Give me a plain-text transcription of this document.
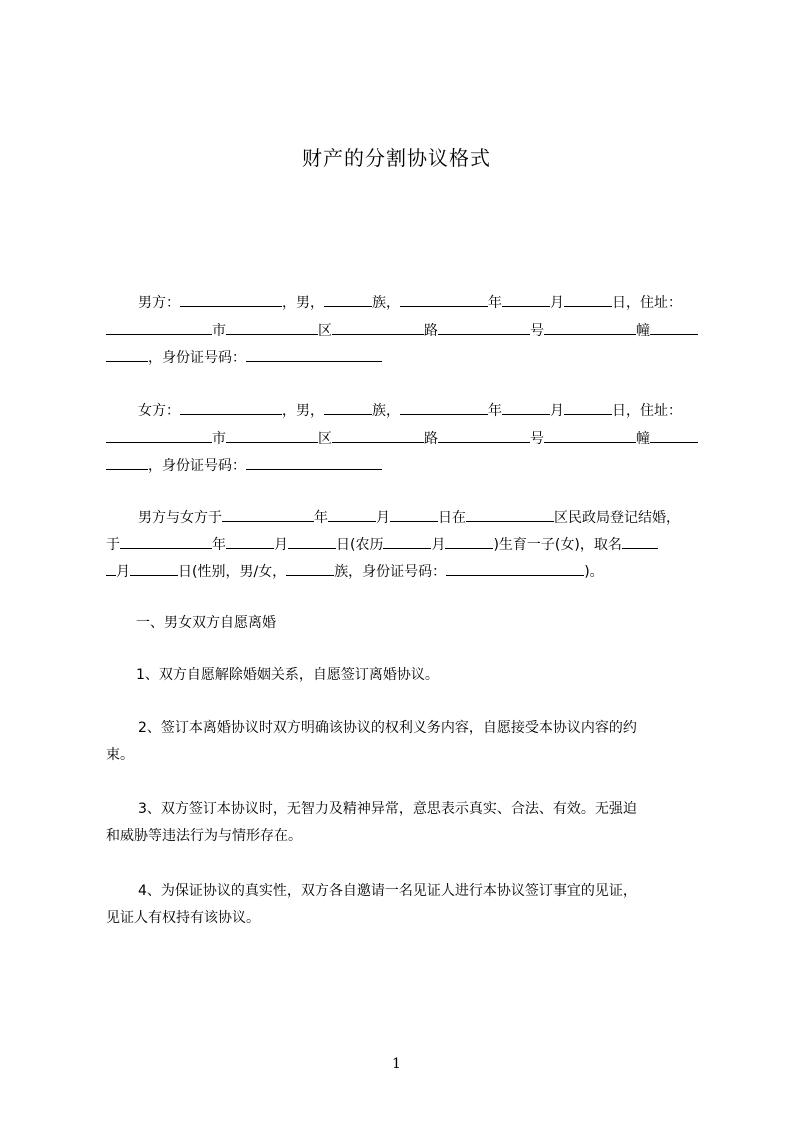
财产的分割协议格式
男方：	，男，	族，	年	月	日，住址：
市	区	路	号	幢
，身份证号码：
女方：	，男，	族，	年	月	日，住址：
市	区	路	号	幢
，身份证号码：
男方与女方于	年	月	日在	区民政局登记结婚，
于	年	月	日(农历	月	)生育一子(女)，取名
月	日(性别，男/女，	族，身份证号码：	)。
一、男女双方自愿离婚
1、双方自愿解除婚姻关系，自愿签订离婚协议。
2、签订本离婚协议时双方明确该协议的权利义务内容，自愿接受本协议内容的约
束。
3、双方签订本协议时，无智力及精神异常，意思表示真实、合法、有效。无强迫
和威胁等违法行为与情形存在。
4、为保证协议的真实性，双方各自邀请一名见证人进行本协议签订事宜的见证，
见证人有权持有该协议。
1
